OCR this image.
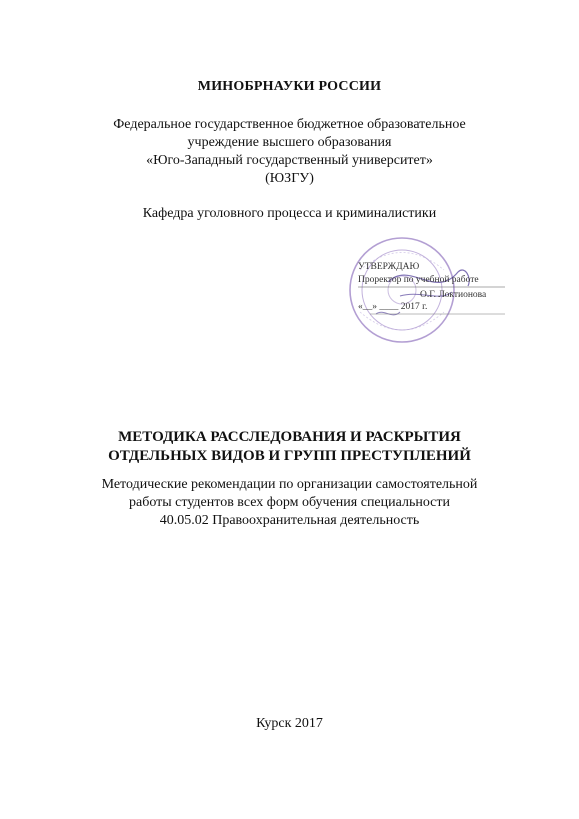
МИНОБРНАУКИ РОССИИ
Федеральное государственное бюджетное образовательное
учреждение высшего образования
«Юго-Западный государственный университет»
(ЮЗГУ)
Кафедра уголовного процесса и криминалистики
УТВЕРЖДАЮ
Проректор по учебной работе
О.Г. Локтионова
«__» ____ 2017 г.
МЕТОДИКА РАССЛЕДОВАНИЯ И РАСКРЫТИЯ
ОТДЕЛЬНЫХ ВИДОВ И ГРУПП ПРЕСТУПЛЕНИЙ
Методические рекомендации по организации самостоятельной
работы студентов всех форм обучения специальности
40.05.02 Правоохранительная деятельность
Курск 2017
